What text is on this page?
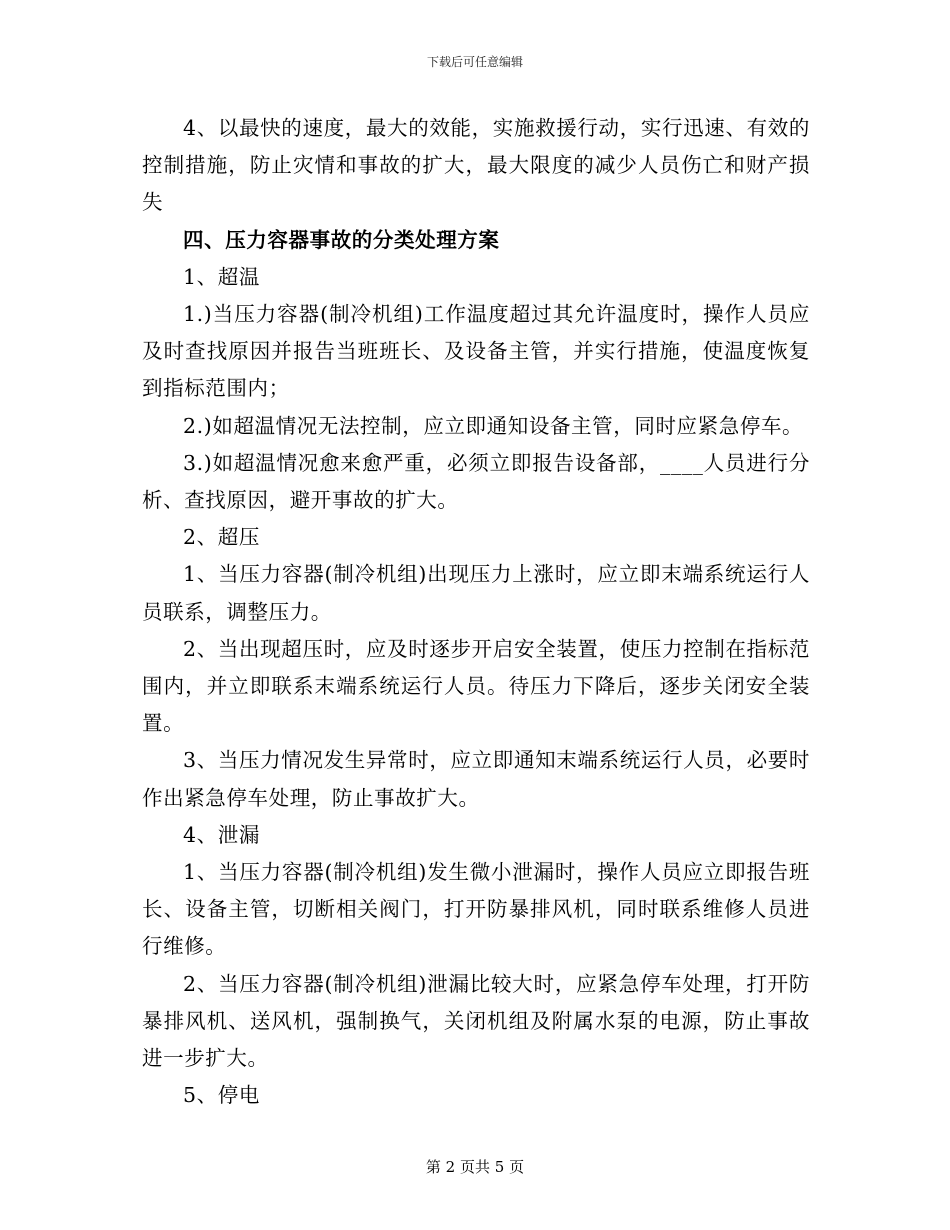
下载后可任意编辑

4、以最快的速度，最大的效能，实施救援行动，实行迅速、有效的控制措施，防止灾情和事故的扩大，最大限度的减少人员伤亡和财产损失

四、压力容器事故的分类处理方案

1、超温

1.)当压力容器(制冷机组)工作温度超过其允许温度时，操作人员应及时查找原因并报告当班班长、及设备主管，并实行措施，使温度恢复到指标范围内；

2.)如超温情况无法控制，应立即通知设备主管，同时应紧急停车。

3.)如超温情况愈来愈严重，必须立即报告设备部，____人员进行分析、查找原因，避开事故的扩大。

2、超压

1、当压力容器(制冷机组)出现压力上涨时，应立即末端系统运行人员联系，调整压力。

2、当出现超压时，应及时逐步开启安全装置，使压力控制在指标范围内，并立即联系末端系统运行人员。待压力下降后，逐步关闭安全装置。

3、当压力情况发生异常时，应立即通知末端系统运行人员，必要时作出紧急停车处理，防止事故扩大。

4、泄漏

1、当压力容器(制冷机组)发生微小泄漏时，操作人员应立即报告班长、设备主管，切断相关阀门，打开防暴排风机，同时联系维修人员进行维修。

2、当压力容器(制冷机组)泄漏比较大时，应紧急停车处理，打开防暴排风机、送风机，强制换气，关闭机组及附属水泵的电源，防止事故进一步扩大。

5、停电

第 2 页共 5 页
